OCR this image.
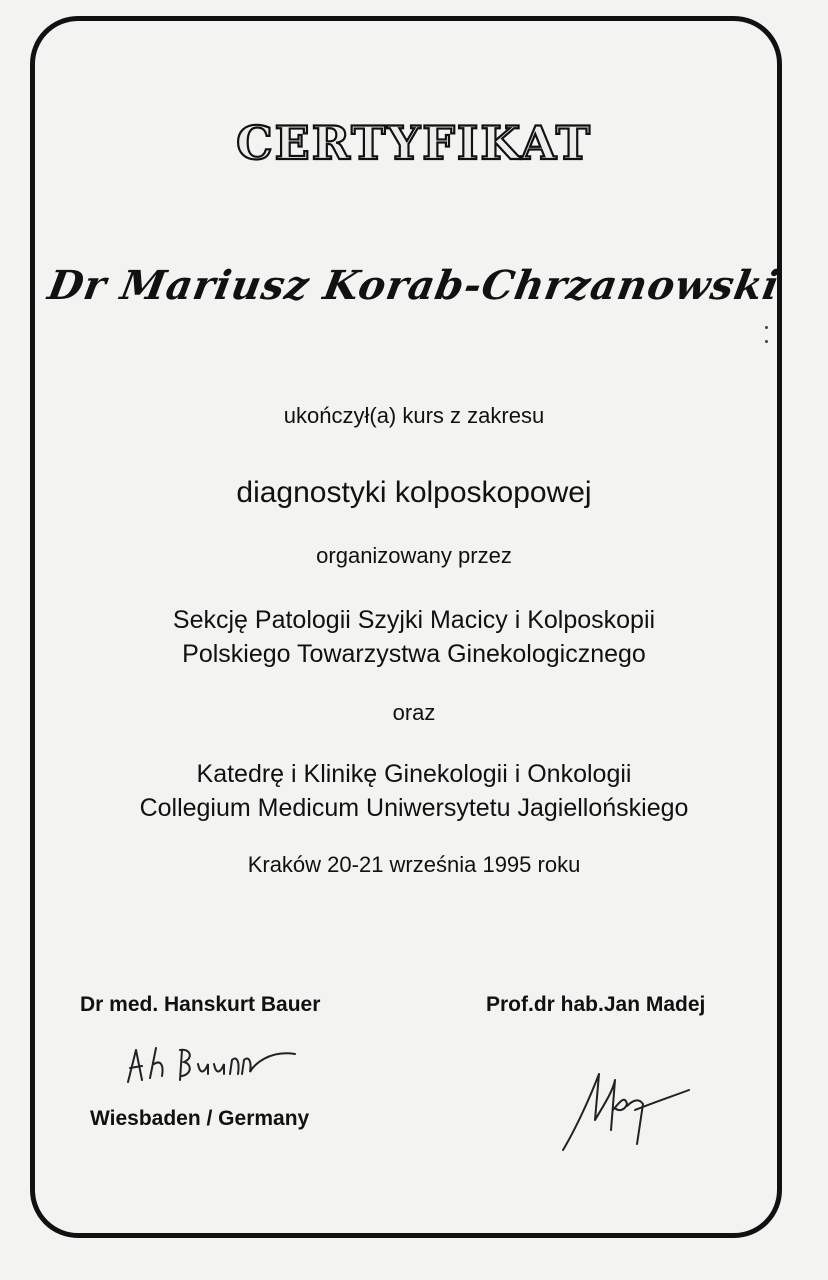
CERTYFIKAT
Dr Mariusz Korab-Chrzanowski
ukończył(a) kurs z zakresu
diagnostyki kolposkopowej
organizowany przez
Sekcję Patologii Szyjki Macicy i Kolposkopii
Polskiego Towarzystwa Ginekologicznego
oraz
Katedrę i Klinikę Ginekologii i Onkologii
Collegium Medicum Uniwersytetu Jagiellońskiego
Kraków 20-21 września 1995 roku
Dr med. Hanskurt Bauer	Prof.dr hab.Jan Madej
Wiesbaden / Germany
